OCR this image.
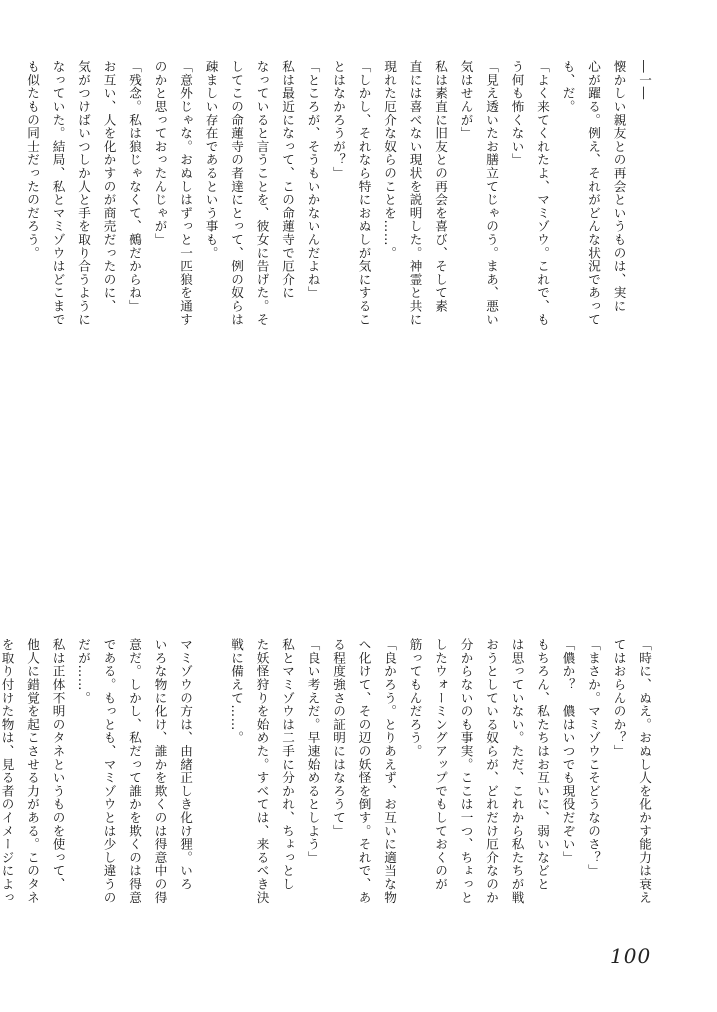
―一―
懐かしい親友との再会というものは、実に
心が躍る。例え、それがどんな状況であって
も、だ。
「よく来てくれたよ、マミゾウ。これで、も
う何も怖くない」
「見え透いたお膳立てじゃのう。まあ、悪い
気はせんが」
私は素直に旧友との再会を喜び、そして素
直には喜べない現状を説明した。神霊と共に
現れた厄介な奴らのことを……。
「しかし、それなら特におぬしが気にするこ
とはなかろうが？」
「ところが、そうもいかないんだよね」
私は最近になって、この命蓮寺で厄介に
なっていると言うことを、彼女に告げた。そ
してこの命蓮寺の者達にとって、例の奴らは
疎ましい存在であるという事も。
「意外じゃな。おぬしはずっと一匹狼を通す
のかと思っておったんじゃが」
「残念。私は狼じゃなくて、鵺だからね」
お互い、人を化かすのが商売だったのに、
気がつけばいつしか人と手を取り合うように
なっていた。結局、私とマミゾウはどこまで
も似たもの同士だったのだろう。
「時に、ぬえ。おぬし人を化かす能力は衰え
てはおらんのか？」
「まさか。マミゾウこそどうなのさ？」
「儂か？　儂はいつでも現役だぞい」
もちろん、私たちはお互いに、弱いなどと
は思っていない。ただ、これから私たちが戦
おうとしている奴らが、どれだけ厄介なのか
分からないのも事実。ここは一つ、ちょっと
したウォーミングアップでもしておくのが
筋ってもんだろう。
「良かろう。とりあえず、お互いに適当な物
へ化けて、その辺の妖怪を倒す。それで、あ
る程度強さの証明にはなろうて」
「良い考えだ。早速始めるとしよう」
私とマミゾウは二手に分かれ、ちょっとし
た妖怪狩りを始めた。すべては、来るべき決
戦に備えて……。

マミゾウの方は、由緒正しき化け狸。いろ
いろな物に化け、誰かを欺くのは得意中の得
意だ。しかし、私だって誰かを欺くのは得意
である。もっとも、マミゾウとは少し違うの
だが……。
私は正体不明のタネというものを使って、
他人に錯覚を起こさせる力がある。このタネ
を取り付けた物は、見る者のイメージによっ
100
